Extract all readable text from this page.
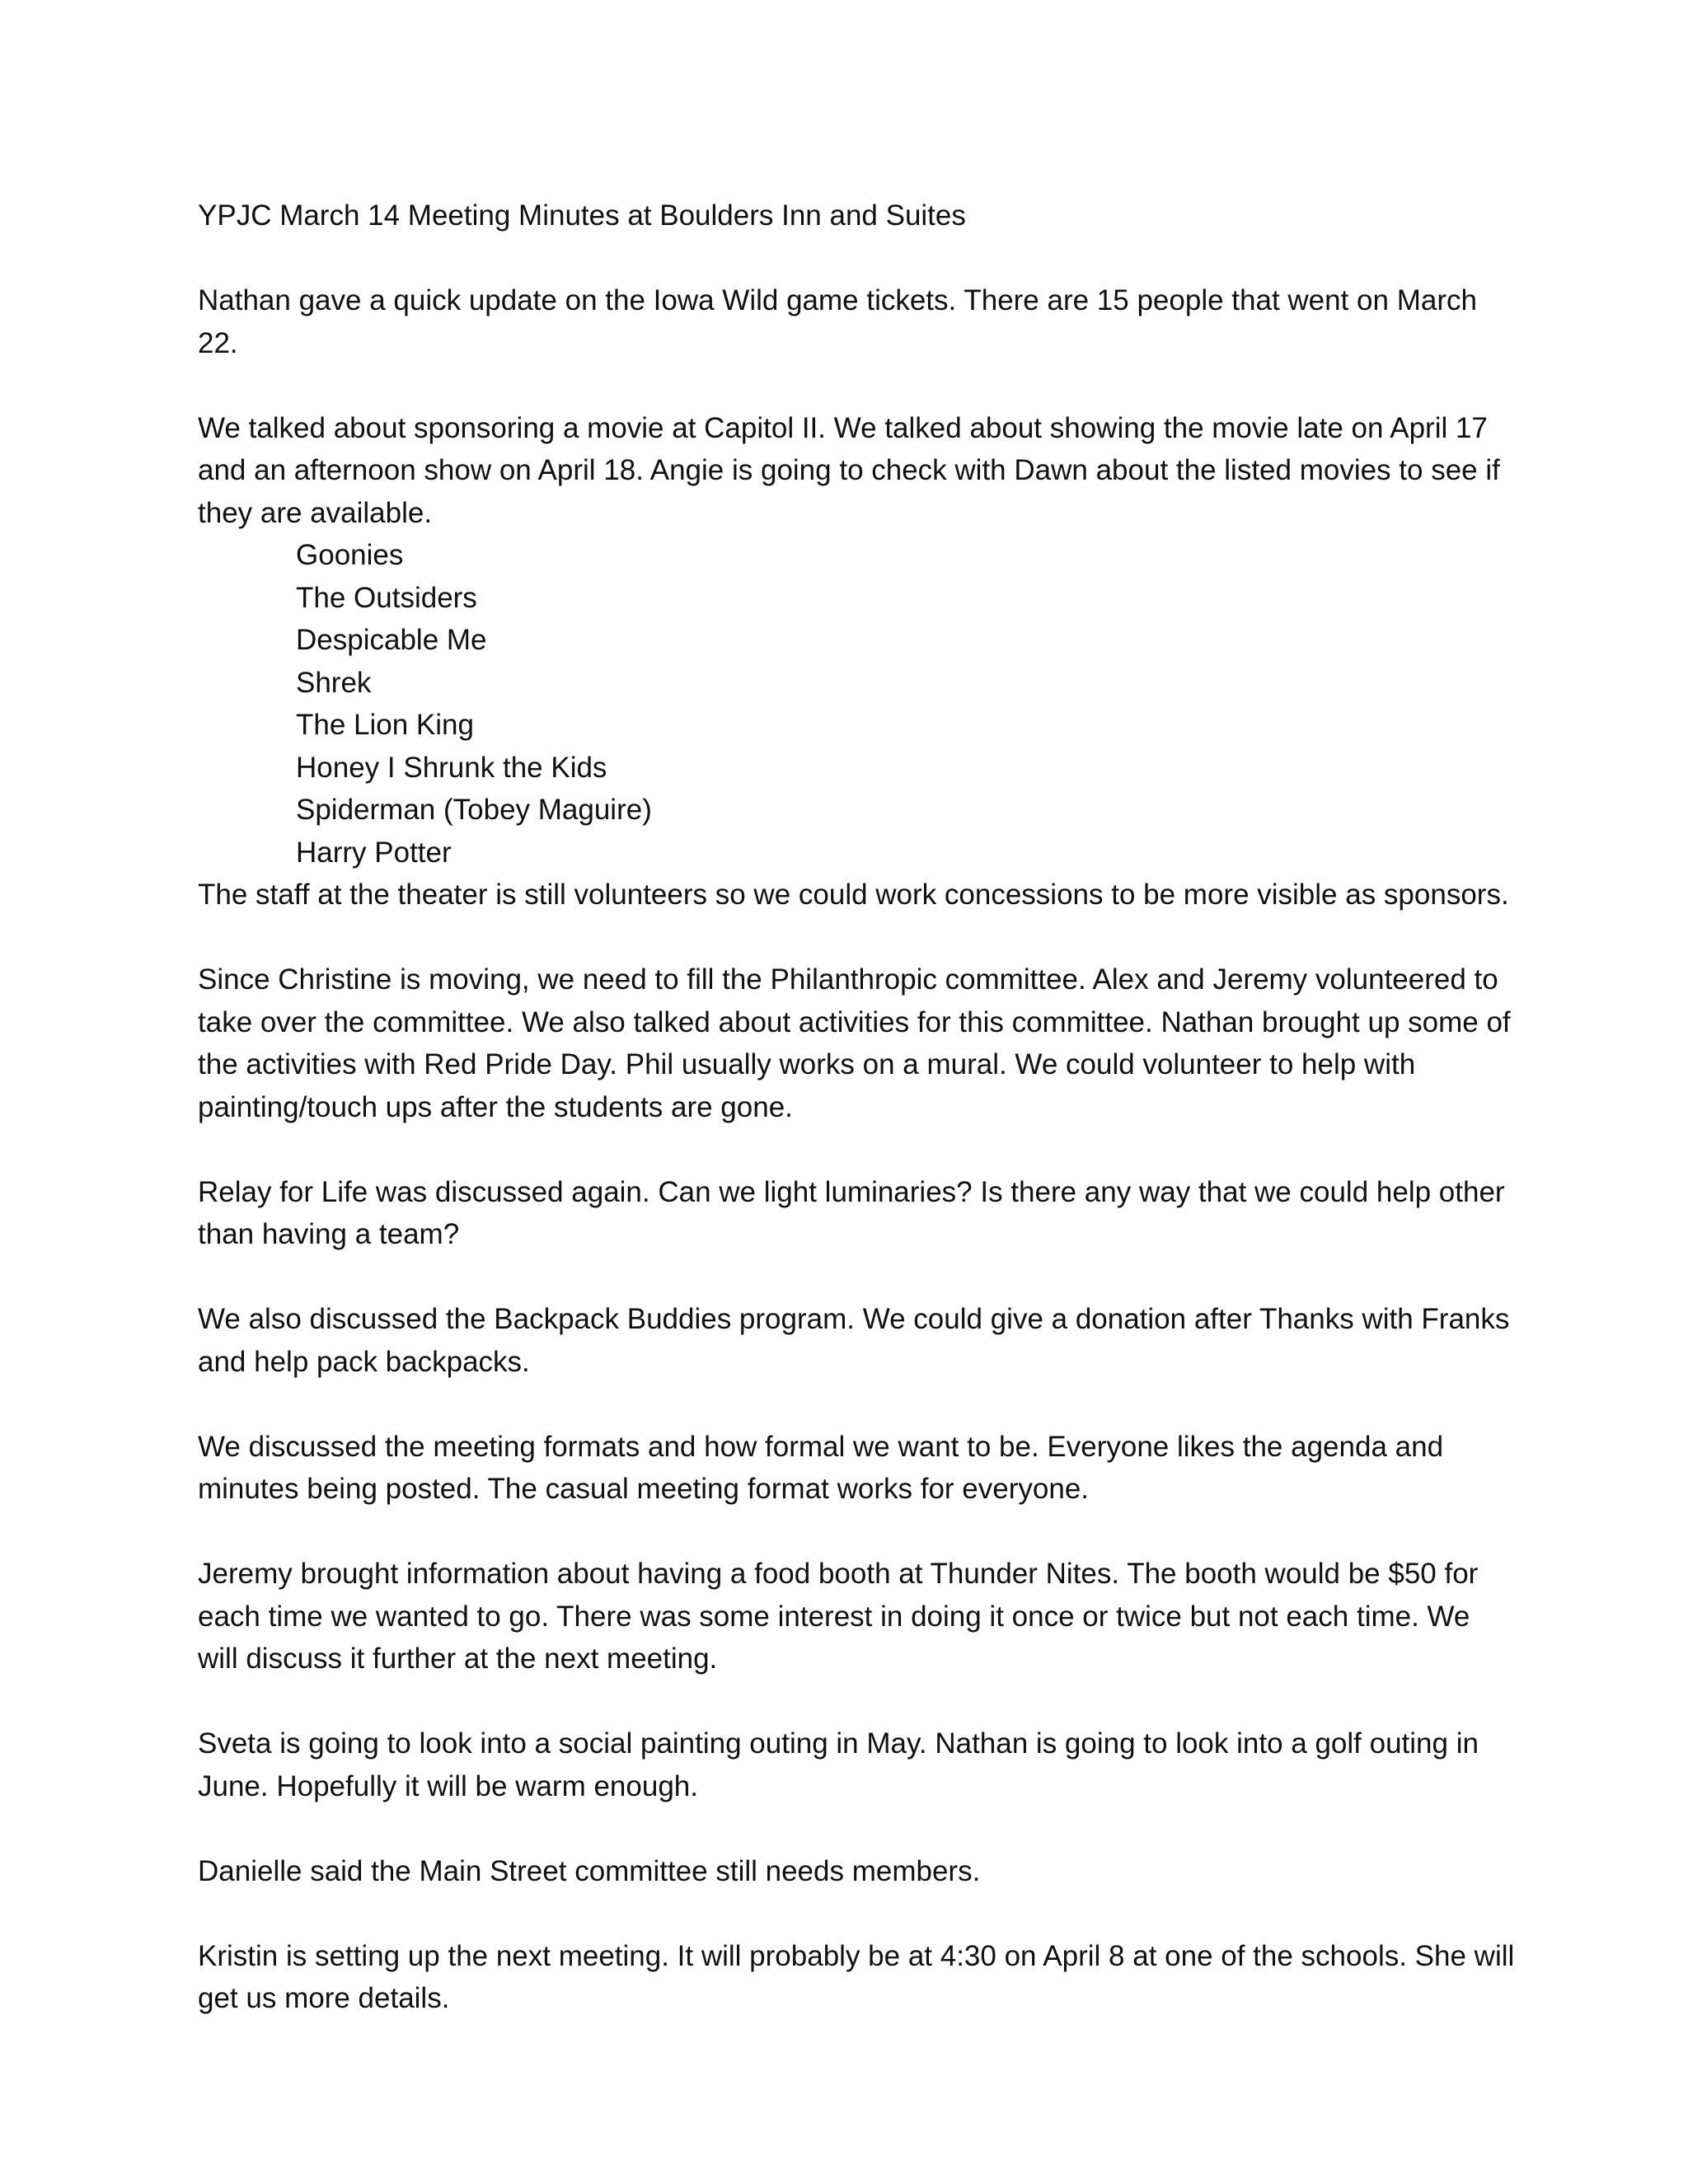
YPJC March 14 Meeting Minutes at Boulders Inn and Suites

Nathan gave a quick update on the Iowa Wild game tickets. There are 15 people that went on March 22.

We talked about sponsoring a movie at Capitol II. We talked about showing the movie late on April 17 and an afternoon show on April 18. Angie is going to check with Dawn about the listed movies to see if they are available.

Goonies
The Outsiders
Despicable Me
Shrek
The Lion King
Honey I Shrunk the Kids
Spiderman (Tobey Maguire)
Harry Potter

The staff at the theater is still volunteers so we could work concessions to be more visible as sponsors.

Since Christine is moving, we need to fill the Philanthropic committee. Alex and Jeremy volunteered to take over the committee. We also talked about activities for this committee. Nathan brought up some of the activities with Red Pride Day. Phil usually works on a mural. We could volunteer to help with painting/touch ups after the students are gone.

Relay for Life was discussed again. Can we light luminaries? Is there any way that we could help other than having a team?

We also discussed the Backpack Buddies program. We could give a donation after Thanks with Franks and help pack backpacks.

We discussed the meeting formats and how formal we want to be. Everyone likes the agenda and minutes being posted. The casual meeting format works for everyone.

Jeremy brought information about having a food booth at Thunder Nites. The booth would be $50 for each time we wanted to go. There was some interest in doing it once or twice but not each time. We will discuss it further at the next meeting.

Sveta is going to look into a social painting outing in May. Nathan is going to look into a golf outing in June. Hopefully it will be warm enough.

Danielle said the Main Street committee still needs members.

Kristin is setting up the next meeting. It will probably be at 4:30 on April 8 at one of the schools. She will get us more details.
